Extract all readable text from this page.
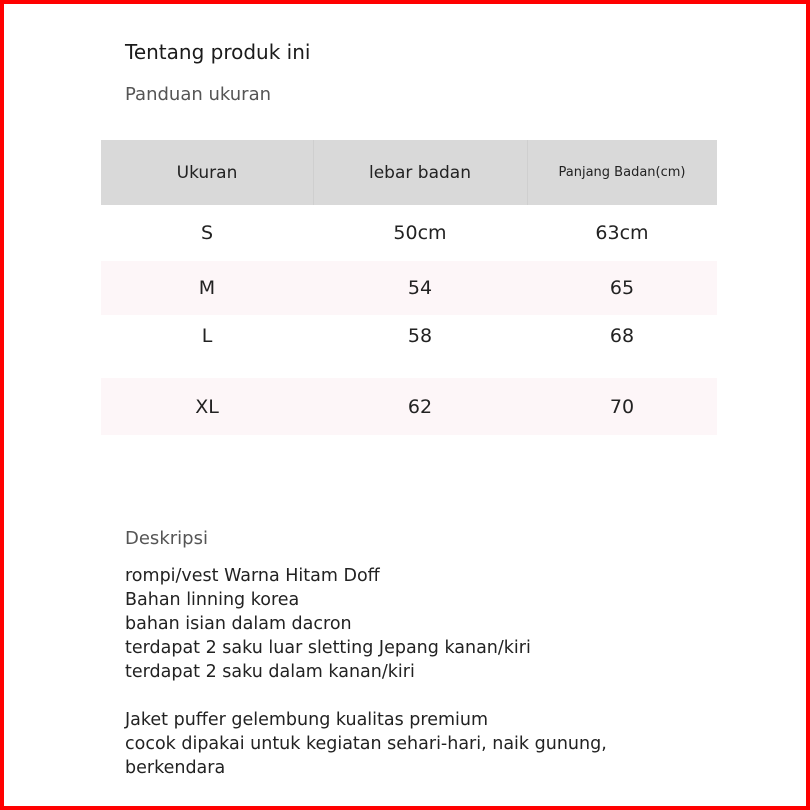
Tentang produk ini
Panduan ukuran
Ukuran	lebar badan	Panjang Badan(cm)
S	50cm	63cm
M	54	65
L	58	68
XL	62	70
Deskripsi
rompi/vest Warna Hitam Doff
Bahan linning korea
bahan isian dalam dacron
terdapat 2 saku luar sletting Jepang kanan/kiri
terdapat 2 saku dalam kanan/kiri
Jaket puffer gelembung kualitas premium
cocok dipakai untuk kegiatan sehari-hari, naik gunung,
berkendara
